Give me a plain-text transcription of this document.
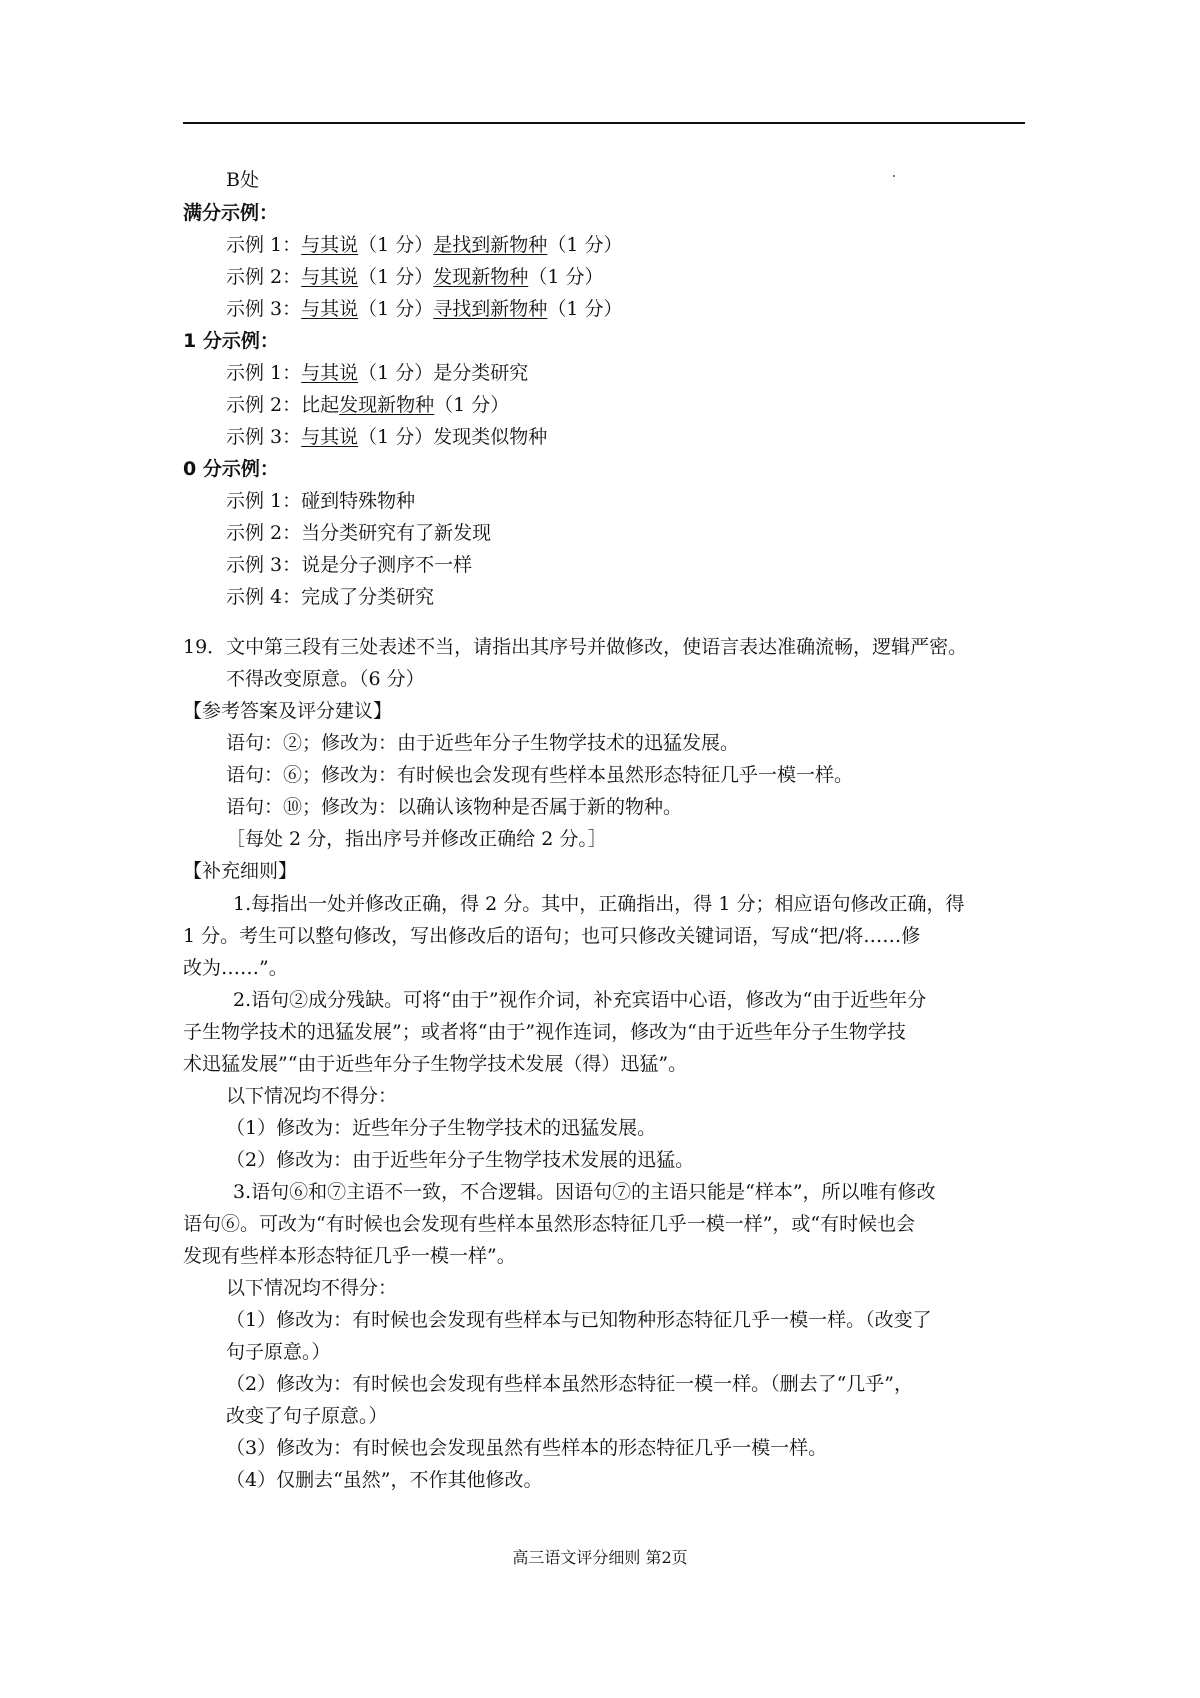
B处
满分示例：
示例 1：与其说（1 分）是找到新物种（1 分）
示例 2：与其说（1 分）发现新物种（1 分）
示例 3：与其说（1 分）寻找到新物种（1 分）
1 分示例：
示例 1：与其说（1 分）是分类研究
示例 2：比起发现新物种（1 分）
示例 3：与其说（1 分）发现类似物种
0 分示例：
示例 1：碰到特殊物种
示例 2：当分类研究有了新发现
示例 3：说是分子测序不一样
示例 4：完成了分类研究
19．文中第三段有三处表述不当，请指出其序号并做修改，使语言表达准确流畅，逻辑严密。
不得改变原意。（6 分）
【参考答案及评分建议】
语句：②；修改为：由于近些年分子生物学技术的迅猛发展。
语句：⑥；修改为：有时候也会发现有些样本虽然形态特征几乎一模一样。
语句：⑩；修改为：以确认该物种是否属于新的物种。
［每处 2 分，指出序号并修改正确给 2 分。］
【补充细则】
1.每指出一处并修改正确，得 2 分。其中，正确指出，得 1 分；相应语句修改正确，得
1 分。考生可以整句修改，写出修改后的语句；也可只修改关键词语，写成“把/将……修
改为……”。
2.语句②成分残缺。可将“由于”视作介词，补充宾语中心语，修改为“由于近些年分
子生物学技术的迅猛发展”；或者将“由于”视作连词，修改为“由于近些年分子生物学技
术迅猛发展”“由于近些年分子生物学技术发展（得）迅猛”。
以下情况均不得分：
（1）修改为：近些年分子生物学技术的迅猛发展。
（2）修改为：由于近些年分子生物学技术发展的迅猛。
3.语句⑥和⑦主语不一致，不合逻辑。因语句⑦的主语只能是“样本”，所以唯有修改
语句⑥。可改为“有时候也会发现有些样本虽然形态特征几乎一模一样”，或“有时候也会
发现有些样本形态特征几乎一模一样”。
以下情况均不得分：
（1）修改为：有时候也会发现有些样本与已知物种形态特征几乎一模一样。（改变了
句子原意。）
（2）修改为：有时候也会发现有些样本虽然形态特征一模一样。（删去了“几乎”，
改变了句子原意。）
（3）修改为：有时候也会发现虽然有些样本的形态特征几乎一模一样。
（4）仅删去“虽然”，不作其他修改。
高三语文评分细则 第2页
